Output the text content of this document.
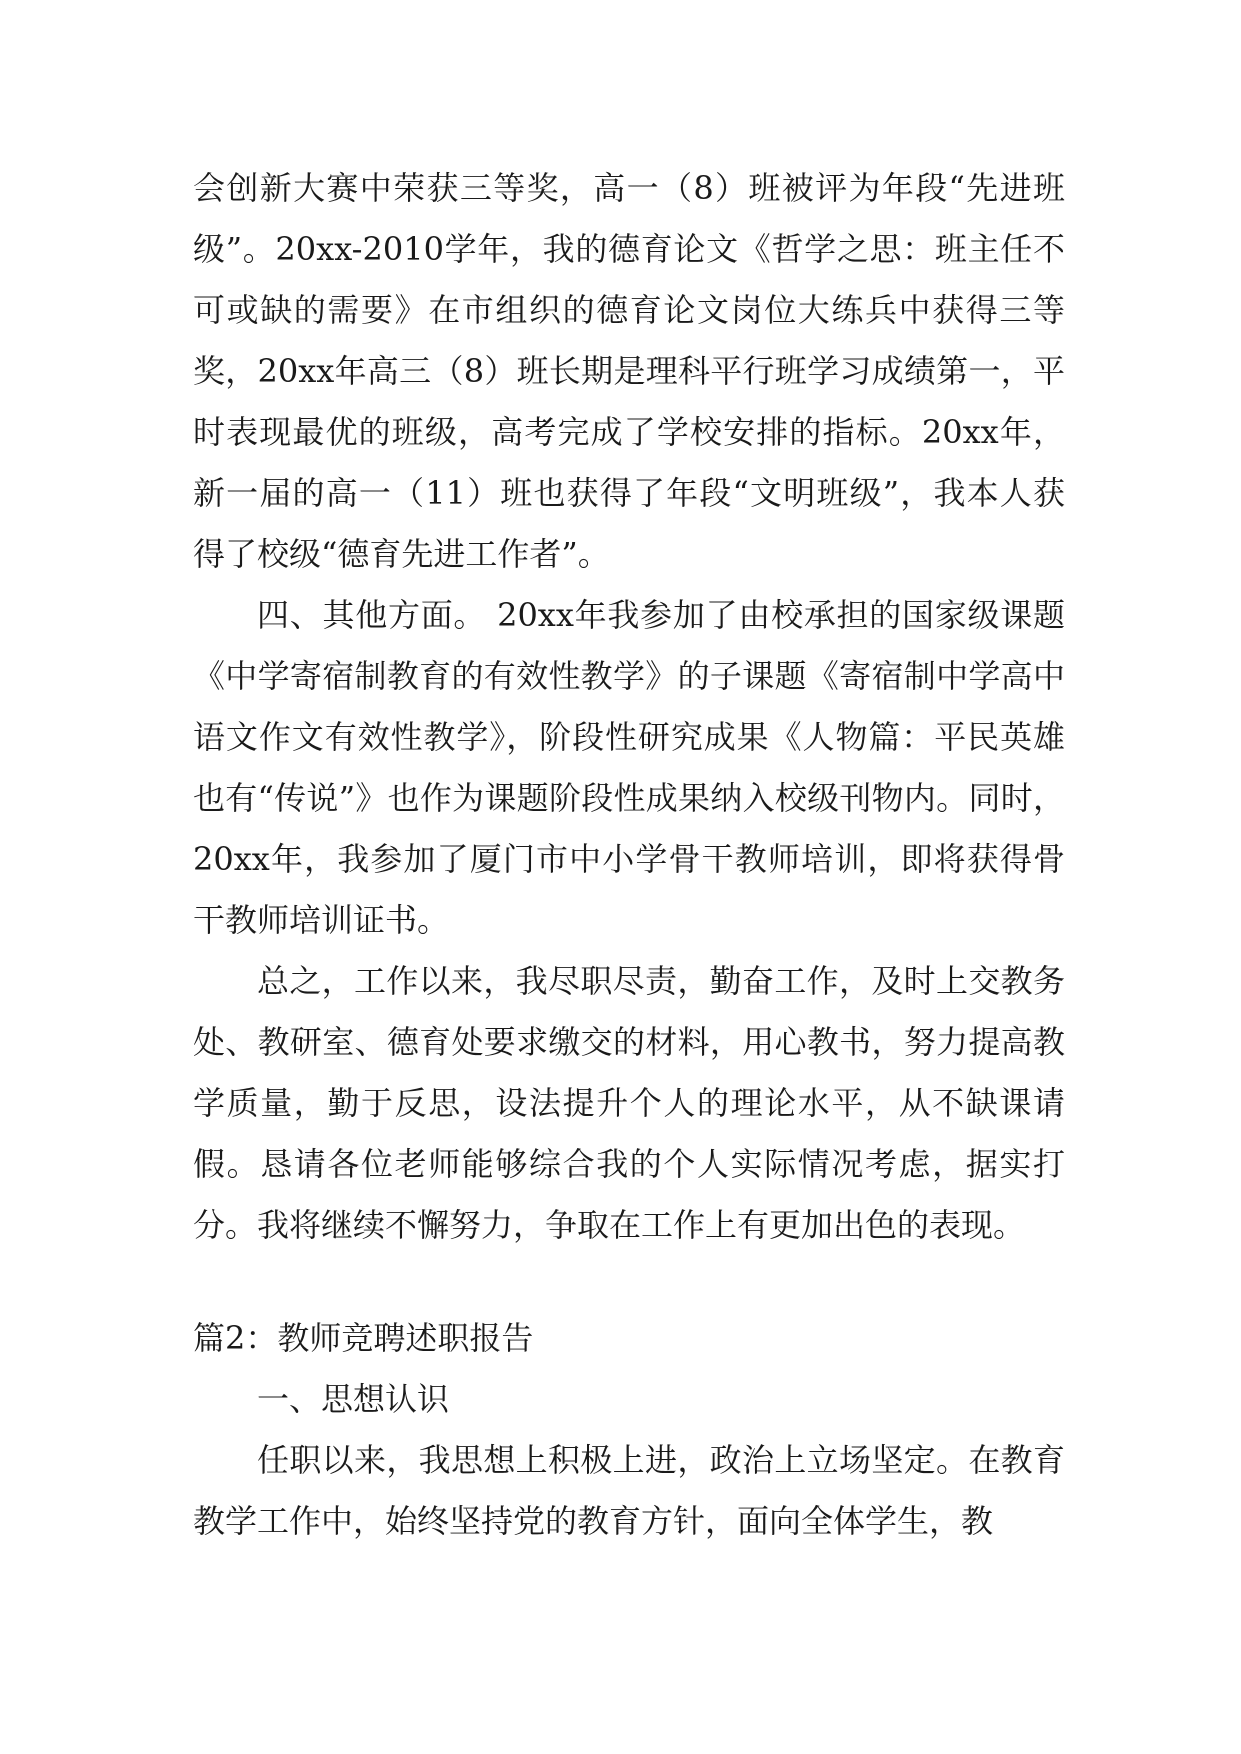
会创新大赛中荣获三等奖，高一（8）班被评为年段“先进班级”。20xx-2010学年，我的德育论文《哲学之思：班主任不可或缺的需要》在市组织的德育论文岗位大练兵中获得三等奖，20xx年高三（8）班长期是理科平行班学习成绩第一，平时表现最优的班级，高考完成了学校安排的指标。20xx年，新一届的高一（11）班也获得了年段“文明班级”，我本人获得了校级“德育先进工作者”。

四、其他方面。 20xx年我参加了由校承担的国家级课题《中学寄宿制教育的有效性教学》的子课题《寄宿制中学高中语文作文有效性教学》，阶段性研究成果《人物篇：平民英雄也有“传说”》也作为课题阶段性成果纳入校级刊物内。同时，20xx年，我参加了厦门市中小学骨干教师培训，即将获得骨干教师培训证书。

总之，工作以来，我尽职尽责，勤奋工作，及时上交教务处、教研室、德育处要求缴交的材料，用心教书，努力提高教学质量，勤于反思，设法提升个人的理论水平，从不缺课请假。恳请各位老师能够综合我的个人实际情况考虑，据实打分。我将继续不懈努力，争取在工作上有更加出色的表现。

篇2：教师竞聘述职报告

一、思想认识

任职以来，我思想上积极上进，政治上立场坚定。在教育教学工作中，始终坚持党的教育方针，面向全体学生，教
